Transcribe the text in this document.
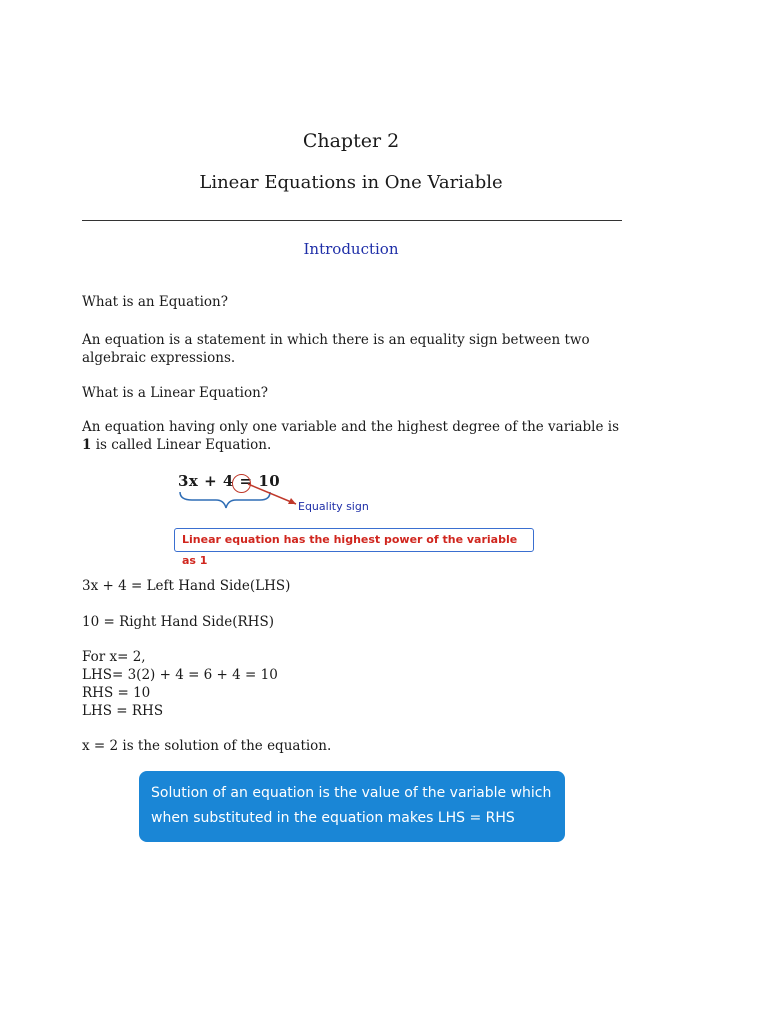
Chapter 2
Linear Equations in One Variable
Introduction
What is an Equation?
An equation is a statement in which there is an equality sign between two
algebraic expressions.
What is a Linear Equation?
An equation having only one variable and the highest degree of the variable is
1 is called Linear Equation.
3x + 4 = 10
Equality sign
Linear equation has the highest power of the variable as 1
3x + 4 = Left Hand Side(LHS)
10 = Right Hand Side(RHS)
For x= 2,
LHS= 3(2) + 4 = 6 + 4 = 10
RHS = 10
LHS = RHS
x = 2 is the solution of the equation.
Solution of an equation is the value of the variable which
when substituted in the equation makes LHS = RHS
